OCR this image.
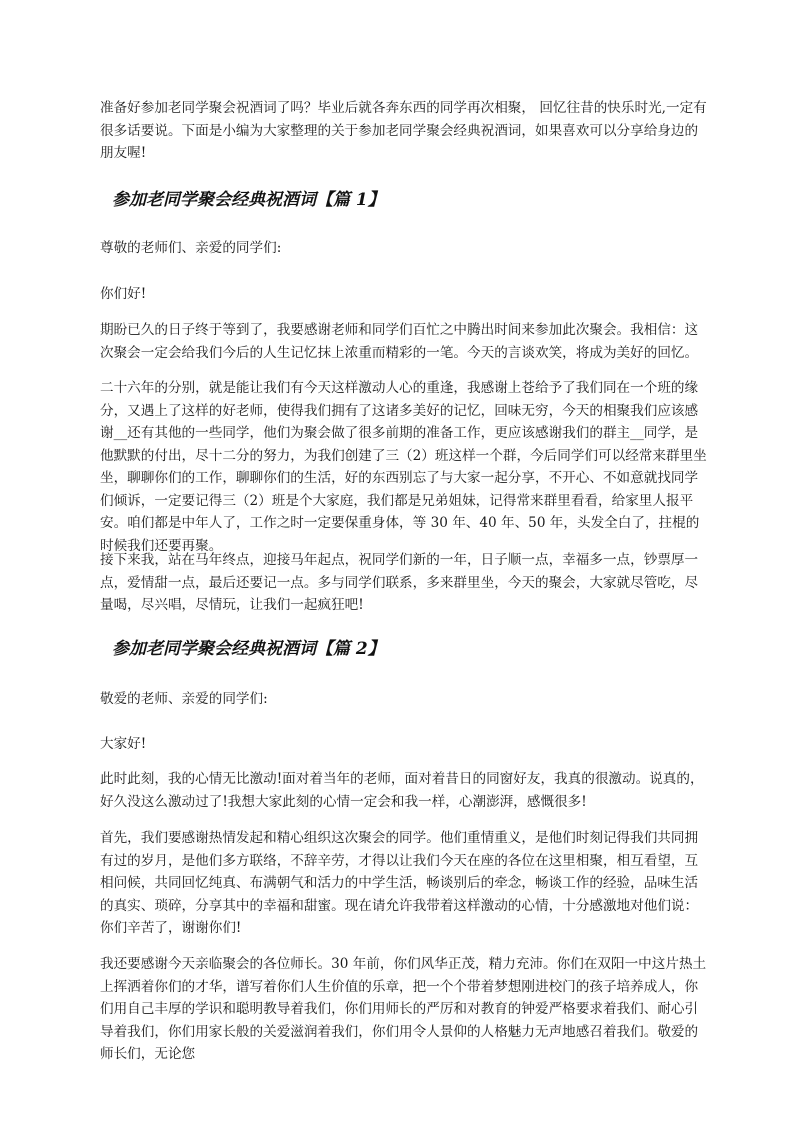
准备好参加老同学聚会祝酒词了吗？毕业后就各奔东西的同学再次相聚， 回忆往昔的快乐时光,一定有很多话要说。下面是小编为大家整理的关于参加老同学聚会经典祝酒词，如果喜欢可以分享给身边的朋友喔!

参加老同学聚会经典祝酒词【篇 1】

尊敬的老师们、亲爱的同学们:

你们好!

期盼已久的日子终于等到了，我要感谢老师和同学们百忙之中腾出时间来参加此次聚会。我相信：这次聚会一定会给我们今后的人生记忆抹上浓重而精彩的一笔。今天的言谈欢笑，将成为美好的回忆。

二十六年的分别，就是能让我们有今天这样激动人心的重逢，我感谢上苍给予了我们同在一个班的缘分，又遇上了这样的好老师，使得我们拥有了这诸多美好的记忆，回味无穷，今天的相聚我们应该感谢__还有其他的一些同学，他们为聚会做了很多前期的准备工作，更应该感谢我们的群主__同学，是他默默的付出，尽十二分的努力，为我们创建了三（2）班这样一个群，今后同学们可以经常来群里坐坐，聊聊你们的工作，聊聊你们的生活，好的东西别忘了与大家一起分享，不开心、不如意就找同学们倾诉，一定要记得三（2）班是个大家庭，我们都是兄弟姐妹，记得常来群里看看，给家里人报平安。咱们都是中年人了，工作之时一定要保重身体，等 30 年、40 年、50 年，头发全白了，拄棍的时候我们还要再聚。

接下来我，站在马年终点，迎接马年起点，祝同学们新的一年，日子顺一点，幸福多一点，钞票厚一点，爱情甜一点，最后还要记一点。多与同学们联系，多来群里坐，今天的聚会，大家就尽管吃，尽量喝，尽兴唱，尽情玩，让我们一起疯狂吧!

参加老同学聚会经典祝酒词【篇 2】

敬爱的老师、亲爱的同学们:

大家好!

此时此刻，我的心情无比激动!面对着当年的老师，面对着昔日的同窗好友，我真的很激动。说真的，好久没这么激动过了!我想大家此刻的心情一定会和我一样，心潮澎湃，感慨很多!

首先，我们要感谢热情发起和精心组织这次聚会的同学。他们重情重义，是他们时刻记得我们共同拥有过的岁月，是他们多方联络，不辞辛劳，才得以让我们今天在座的各位在这里相聚，相互看望，互相问候，共同回忆纯真、布满朝气和活力的中学生活，畅谈别后的牵念，畅谈工作的经验，品味生活的真实、琐碎，分享其中的幸福和甜蜜。现在请允许我带着这样激动的心情，十分感激地对他们说：你们辛苦了，谢谢你们!

我还要感谢今天亲临聚会的各位师长。30 年前，你们风华正茂，精力充沛。你们在双阳一中这片热土上挥洒着你们的才华，谱写着你们人生价值的乐章，把一个个带着梦想刚进校门的孩子培养成人，你们用自己丰厚的学识和聪明教导着我们，你们用师长的严厉和对教育的钟爱严格要求着我们、耐心引导着我们，你们用家长般的关爱滋润着我们，你们用令人景仰的人格魅力无声地感召着我们。敬爱的师长们，无论您
